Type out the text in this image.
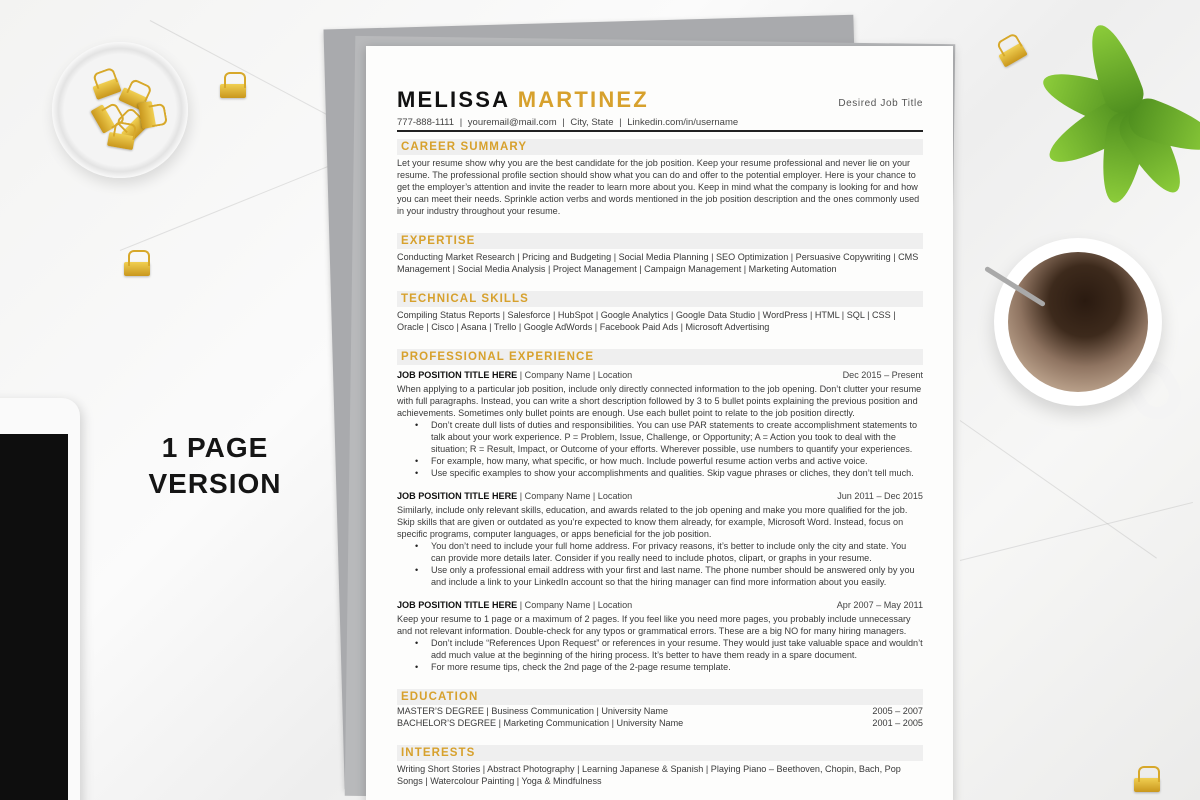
1 PAGE
VERSION
MELISSA MARTINEZ	Desired Job Title
777-888-1111 | youremail@mail.com | City, State | Linkedin.com/in/username
CAREER SUMMARY
Let your resume show why you are the best candidate for the job position. Keep your resume professional and never lie on your resume. The professional profile section should show what you can do and offer to the potential employer. Here is your chance to get the employer’s attention and invite the reader to learn more about you. Keep in mind what the company is looking for and how you can meet their needs. Sprinkle action verbs and words mentioned in the job position description and the ones commonly used in your industry throughout your resume.
EXPERTISE
Conducting Market Research | Pricing and Budgeting | Social Media Planning | SEO Optimization | Persuasive Copywriting | CMS Management | Social Media Analysis | Project Management | Campaign Management | Marketing Automation
TECHNICAL SKILLS
Compiling Status Reports | Salesforce | HubSpot | Google Analytics | Google Data Studio | WordPress | HTML | SQL | CSS | Oracle | Cisco | Asana | Trello | Google AdWords | Facebook Paid Ads | Microsoft Advertising
PROFESSIONAL EXPERIENCE
JOB POSITION TITLE HERE | Company Name | Location	Dec 2015 – Present
When applying to a particular job position, include only directly connected information to the job opening. Don’t clutter your resume with full paragraphs. Instead, you can write a short description followed by 3 to 5 bullet points explaining the previous position and achievements. Sometimes only bullet points are enough. Use each bullet point to relate to the job position directly.
• Don’t create dull lists of duties and responsibilities. You can use PAR statements to create accomplishment statements to talk about your work experience. P = Problem, Issue, Challenge, or Opportunity; A = Action you took to deal with the situation; R = Result, Impact, or Outcome of your efforts. Wherever possible, use numbers to quantify your experiences.
• For example, how many, what specific, or how much. Include powerful resume action verbs and active voice.
• Use specific examples to show your accomplishments and qualities. Skip vague phrases or cliches, they don’t tell much.
JOB POSITION TITLE HERE | Company Name | Location	Jun 2011 – Dec 2015
Similarly, include only relevant skills, education, and awards related to the job opening and make you more qualified for the job. Skip skills that are given or outdated as you’re expected to know them already, for example, Microsoft Word. Instead, focus on specific programs, computer languages, or apps beneficial for the job position.
• You don’t need to include your full home address. For privacy reasons, it’s better to include only the city and state. You can provide more details later. Consider if you really need to include photos, clipart, or graphs in your resume.
• Use only a professional email address with your first and last name. The phone number should be answered only by you and include a link to your LinkedIn account so that the hiring manager can find more information about you easily.
JOB POSITION TITLE HERE | Company Name | Location	Apr 2007 – May 2011
Keep your resume to 1 page or a maximum of 2 pages. If you feel like you need more pages, you probably include unnecessary and not relevant information. Double-check for any typos or grammatical errors. These are a big NO for many hiring managers.
• Don’t include “References Upon Request” or references in your resume. They would just take valuable space and wouldn’t add much value at the beginning of the hiring process. It’s better to have them ready in a spare document.
• For more resume tips, check the 2nd page of the 2-page resume template.
EDUCATION
MASTER’S DEGREE | Business Communication | University Name	2005 – 2007
BACHELOR’S DEGREE | Marketing Communication | University Name	2001 – 2005
INTERESTS
Writing Short Stories | Abstract Photography | Learning Japanese & Spanish | Playing Piano – Beethoven, Chopin, Bach, Pop Songs | Watercolour Painting | Yoga & Mindfulness
